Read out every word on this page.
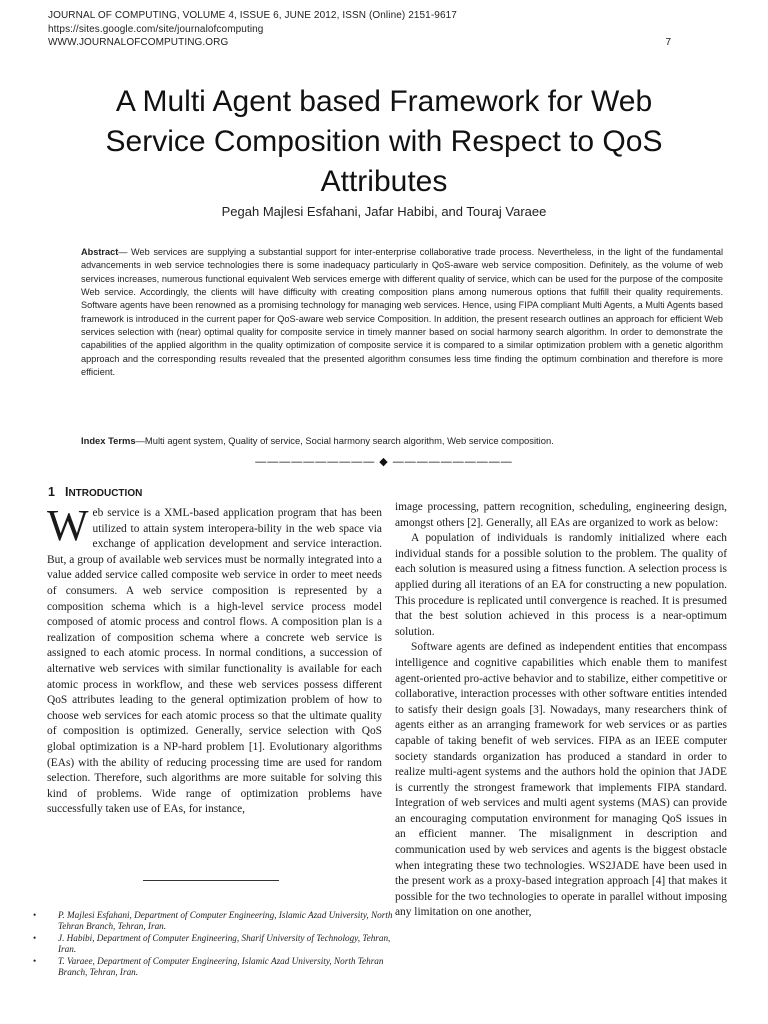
JOURNAL OF COMPUTING, VOLUME 4, ISSUE 6, JUNE 2012, ISSN (Online) 2151-9617
https://sites.google.com/site/journalofcomputing
WWW.JOURNALOFCOMPUTING.ORG	7
A Multi Agent based Framework for Web
Service Composition with Respect to QoS
Attributes
Pegah Majlesi Esfahani, Jafar Habibi, and Touraj Varaee
Abstract— Web services are supplying a substantial support for inter-enterprise collaborative trade process. Nevertheless, in the light of the fundamental advancements in web service technologies there is some inadequacy particularly in QoS-aware web service composition. Definitely, as the volume of web services increases, numerous functional equivalent Web services emerge with different quality of service, which can be used for the purpose of the composite Web service. Accordingly, the clients will have difficulty with creating composition plans among numerous options that fulfill their quality requirements. Software agents have been renowned as a promising technology for managing web services. Hence, using FIPA compliant Multi Agents, a Multi Agents based framework is introduced in the current paper for QoS-aware web service Composition. In addition, the present research outlines an approach for efficient Web services selection with (near) optimal quality for composite service in timely manner based on social harmony search algorithm. In order to demonstrate the capabilities of the applied algorithm in the quality optimization of composite service it is compared to a similar optimization problem with a genetic algorithm approach and the corresponding results revealed that the presented algorithm consumes less time finding the optimum combination and therefore is more efficient.
Index Terms—Multi agent system, Quality of service, Social harmony search algorithm, Web service composition.
—————————— ◆ ——————————
1 INTRODUCTION

Web service is a XML-based application program that has been utilized to attain system interopera-bility in the web space via exchange of application development and service interaction. But, a group of available web services must be normally integrated into a value added service called composite web service in order to meet needs of consumers. A web service composition is represented by a composition schema which is a high-level service process model composed of atomic process and control flows. A composition plan is a realization of composition schema where a concrete web service is assigned to each atomic process. In normal conditions, a succession of alternative web services with similar functionality is available for each atomic process in workflow, and these web services possess different QoS attributes leading to the general optimization problem of how to choose web services for each atomic process so that the ultimate quality of composition is optimized. Generally, service selection with QoS global optimization is a NP-hard problem [1]. Evolutionary algorithms (EAs) with the ability of reducing processing time are used for random selection. Therefore, such algorithms are more suitable for solving this kind of problems. Wide range of optimization problems have successfully taken use of EAs, for instance,

image processing, pattern recognition, scheduling, engineering design, amongst others [2]. Generally, all EAs are organized to work as below:

A population of individuals is randomly initialized where each individual stands for a possible solution to the problem. The quality of each solution is measured using a fitness function. A selection process is applied during all iterations of an EA for constructing a new population. This procedure is replicated until convergence is reached. It is presumed that the best solution achieved in this process is a near-optimum solution.

Software agents are defined as independent entities that encompass intelligence and cognitive capabilities which enable them to manifest agent-oriented pro-active behavior and to stabilize, either competitive or collaborative, interaction processes with other software entities intended to satisfy their design goals [3]. Nowadays, many researchers think of agents either as an arranging framework for web services or as parties capable of taking benefit of web services. FIPA as an IEEE computer society standards organization has produced a standard in order to realize multi-agent systems and the authors hold the opinion that JADE is currently the strongest framework that implements FIPA standard. Integration of web services and multi agent systems (MAS) can provide an encouraging computation environment for managing QoS issues in an efficient manner. The misalignment in description and communication used by web services and agents is the biggest obstacle when integrating these two technologies. WS2JADE have been used in the present work as a proxy-based integration approach [4] that makes it possible for the two technologies to operate in parallel without imposing any limitation on one another,

• P. Majlesi Esfahani, Department of Computer Engineering, Islamic Azad University, North Tehran Branch, Tehran, Iran.
• J. Habibi, Department of Computer Engineering, Sharif University of Technology, Tehran, Iran.
• T. Varaee, Department of Computer Engineering, Islamic Azad University, North Tehran Branch, Tehran, Iran.
